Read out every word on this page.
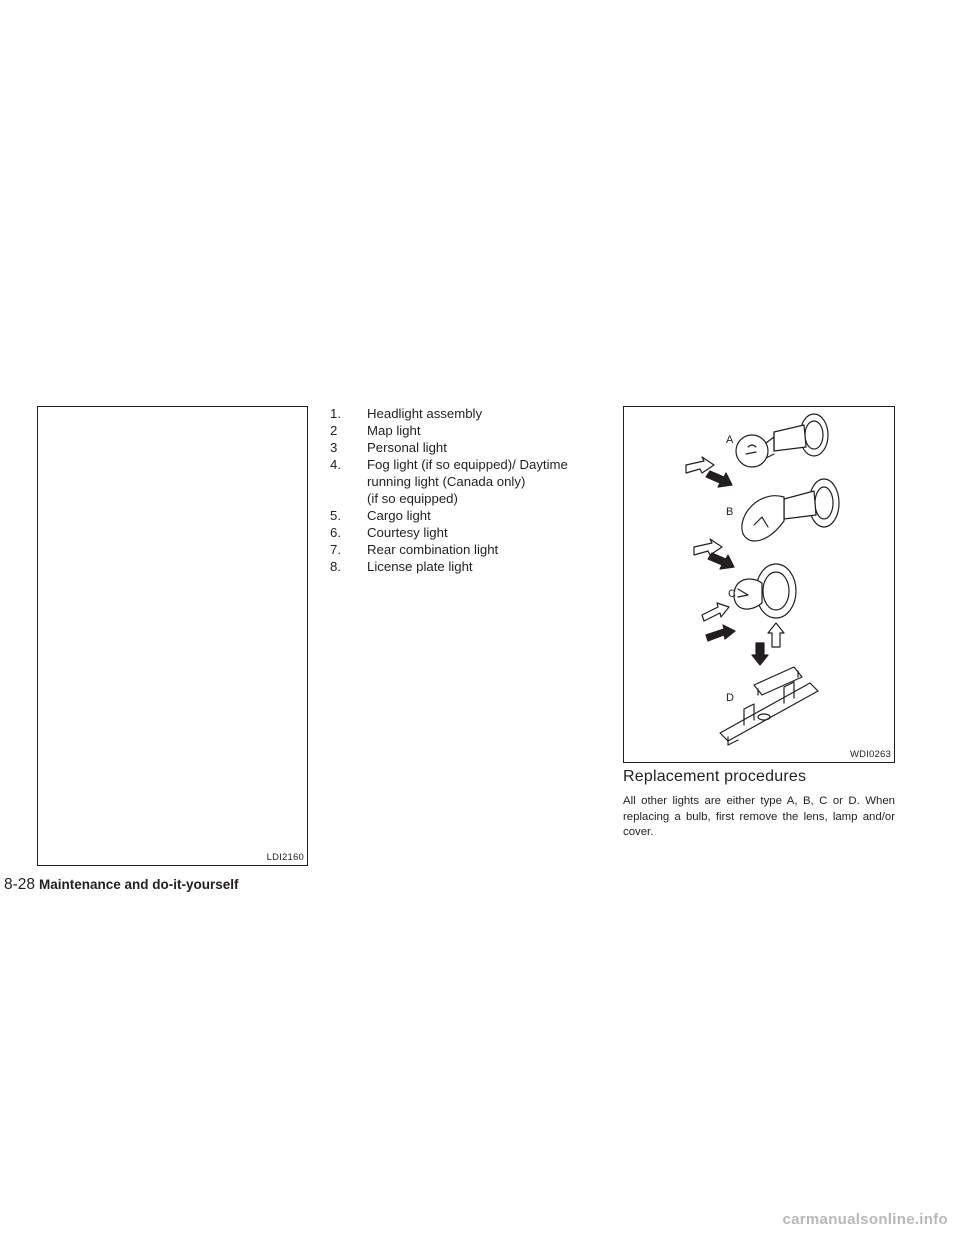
LDI2160
1. Headlight assembly
2 Map light
3 Personal light
4. Fog light (if so equipped)/ Daytime
running light (Canada only)
(if so equipped)
5. Cargo light
6. Courtesy light
7. Rear combination light
8. License plate light
A
B
C
D
WDI0263
Replacement procedures

All other lights are either type A, B, C or D. When replacing a bulb, first remove the lens, lamp and/or cover.

8-28 Maintenance and do-it-yourself
carmanualsonline.info
